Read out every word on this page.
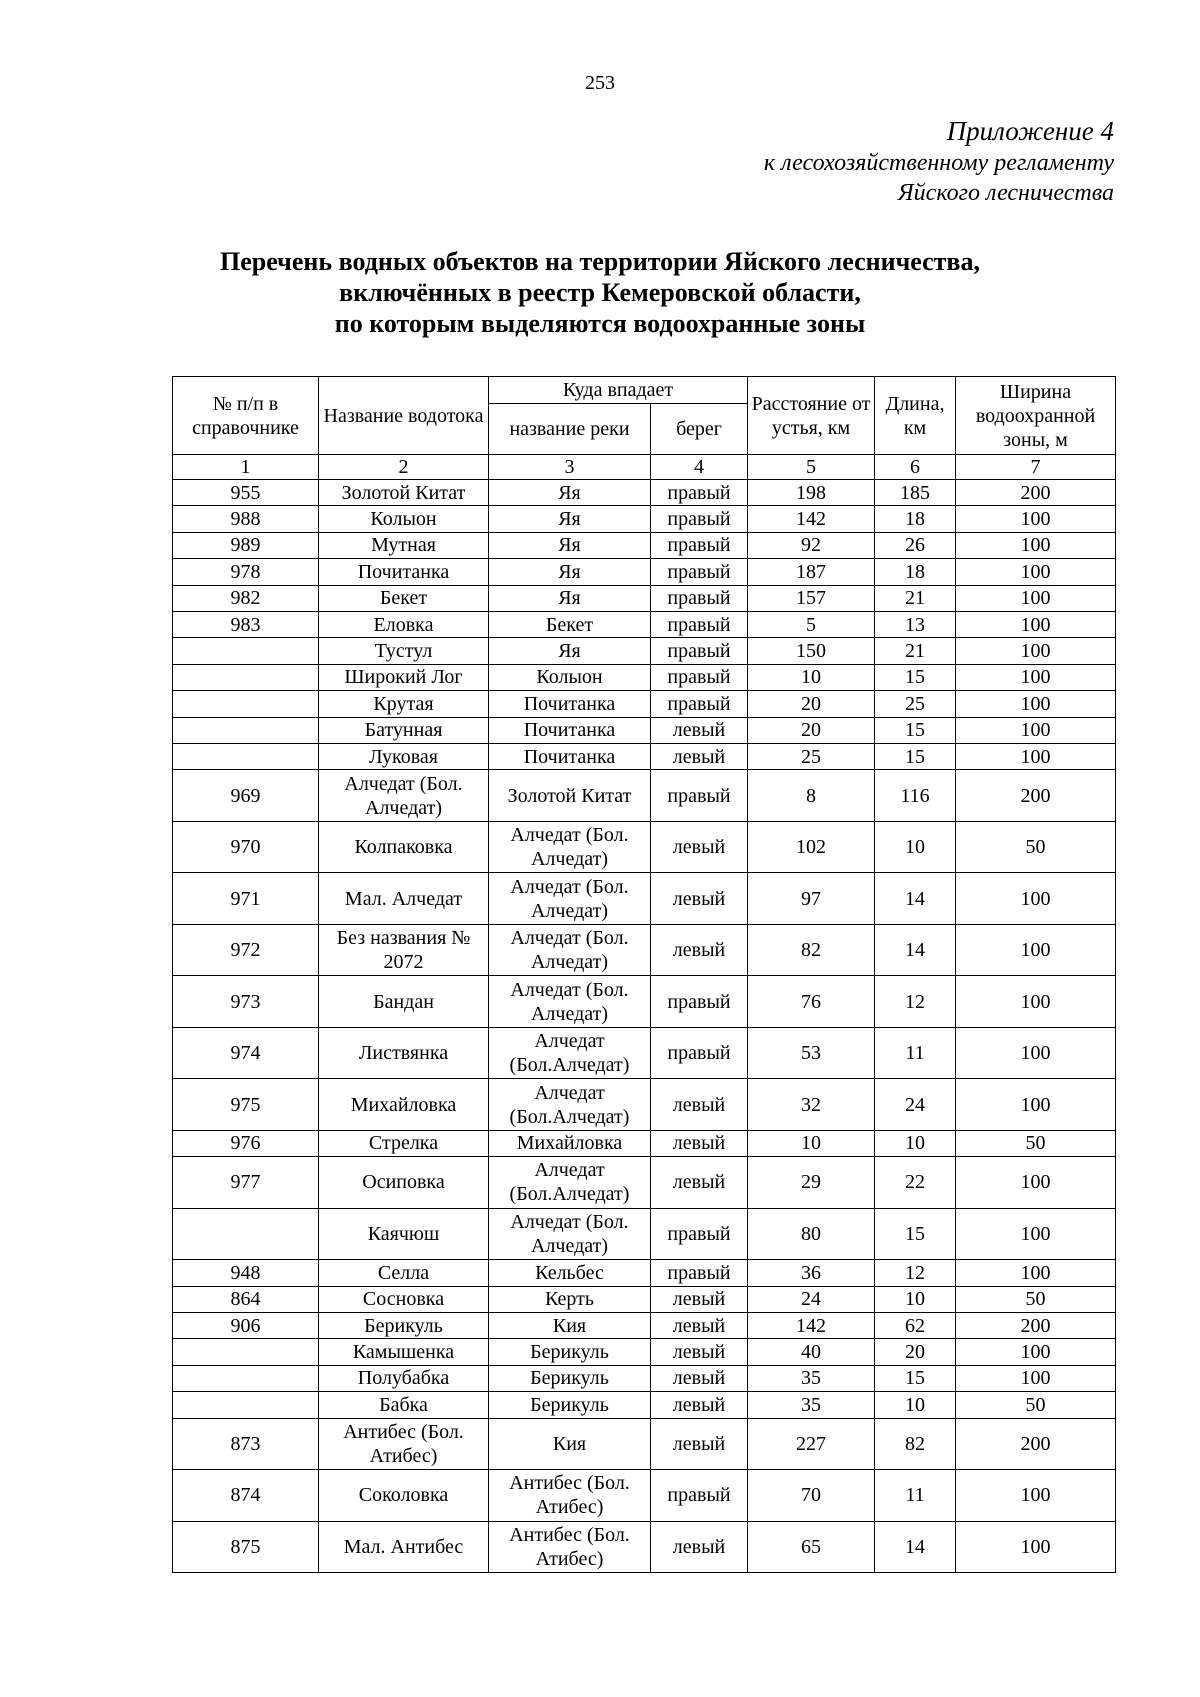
253
Приложение 4
к лесохозяйственному регламенту
Яйского лесничества
Перечень водных объектов на территории Яйского лесничества,
включённых в реестр Кемеровской области,
по которым выделяются водоохранные зоны
№ п/п в справочнике	Название водотока	Куда впадает		Расстояние от устья, км	Длина, км	Ширина водоохранной зоны, м
		название реки	берег			
1	2	3	4	5	6	7
955	Золотой Китат	Яя	правый	198	185	200
988	Колыон	Яя	правый	142	18	100
989	Мутная	Яя	правый	92	26	100
978	Почитанка	Яя	правый	187	18	100
982	Бекет	Яя	правый	157	21	100
983	Еловка	Бекет	правый	5	13	100
	Тустул	Яя	правый	150	21	100
	Широкий Лог	Колыон	правый	10	15	100
	Крутая	Почитанка	правый	20	25	100
	Батунная	Почитанка	левый	20	15	100
	Луковая	Почитанка	левый	25	15	100
969	Алчедат (Бол. Алчедат)	Золотой Китат	правый	8	116	200
970	Колпаковка	Алчедат (Бол. Алчедат)	левый	102	10	50
971	Мал. Алчедат	Алчедат (Бол. Алчедат)	левый	97	14	100
972	Без названия № 2072	Алчедат (Бол. Алчедат)	левый	82	14	100
973	Бандан	Алчедат (Бол. Алчедат)	правый	76	12	100
974	Листвянка	Алчедат (Бол.Алчедат)	правый	53	11	100
975	Михайловка	Алчедат (Бол.Алчедат)	левый	32	24	100
976	Стрелка	Михайловка	левый	10	10	50
977	Осиповка	Алчедат (Бол.Алчедат)	левый	29	22	100
	Каячюш	Алчедат (Бол. Алчедат)	правый	80	15	100
948	Селла	Кельбес	правый	36	12	100
864	Сосновка	Керть	левый	24	10	50
906	Берикуль	Кия	левый	142	62	200
	Камышенка	Берикуль	левый	40	20	100
	Полубабка	Берикуль	левый	35	15	100
	Бабка	Берикуль	левый	35	10	50
873	Антибес (Бол. Атибес)	Кия	левый	227	82	200
874	Соколовка	Антибес (Бол. Атибес)	правый	70	11	100
875	Мал. Антибес	Антибес (Бол. Атибес)	левый	65	14	100
